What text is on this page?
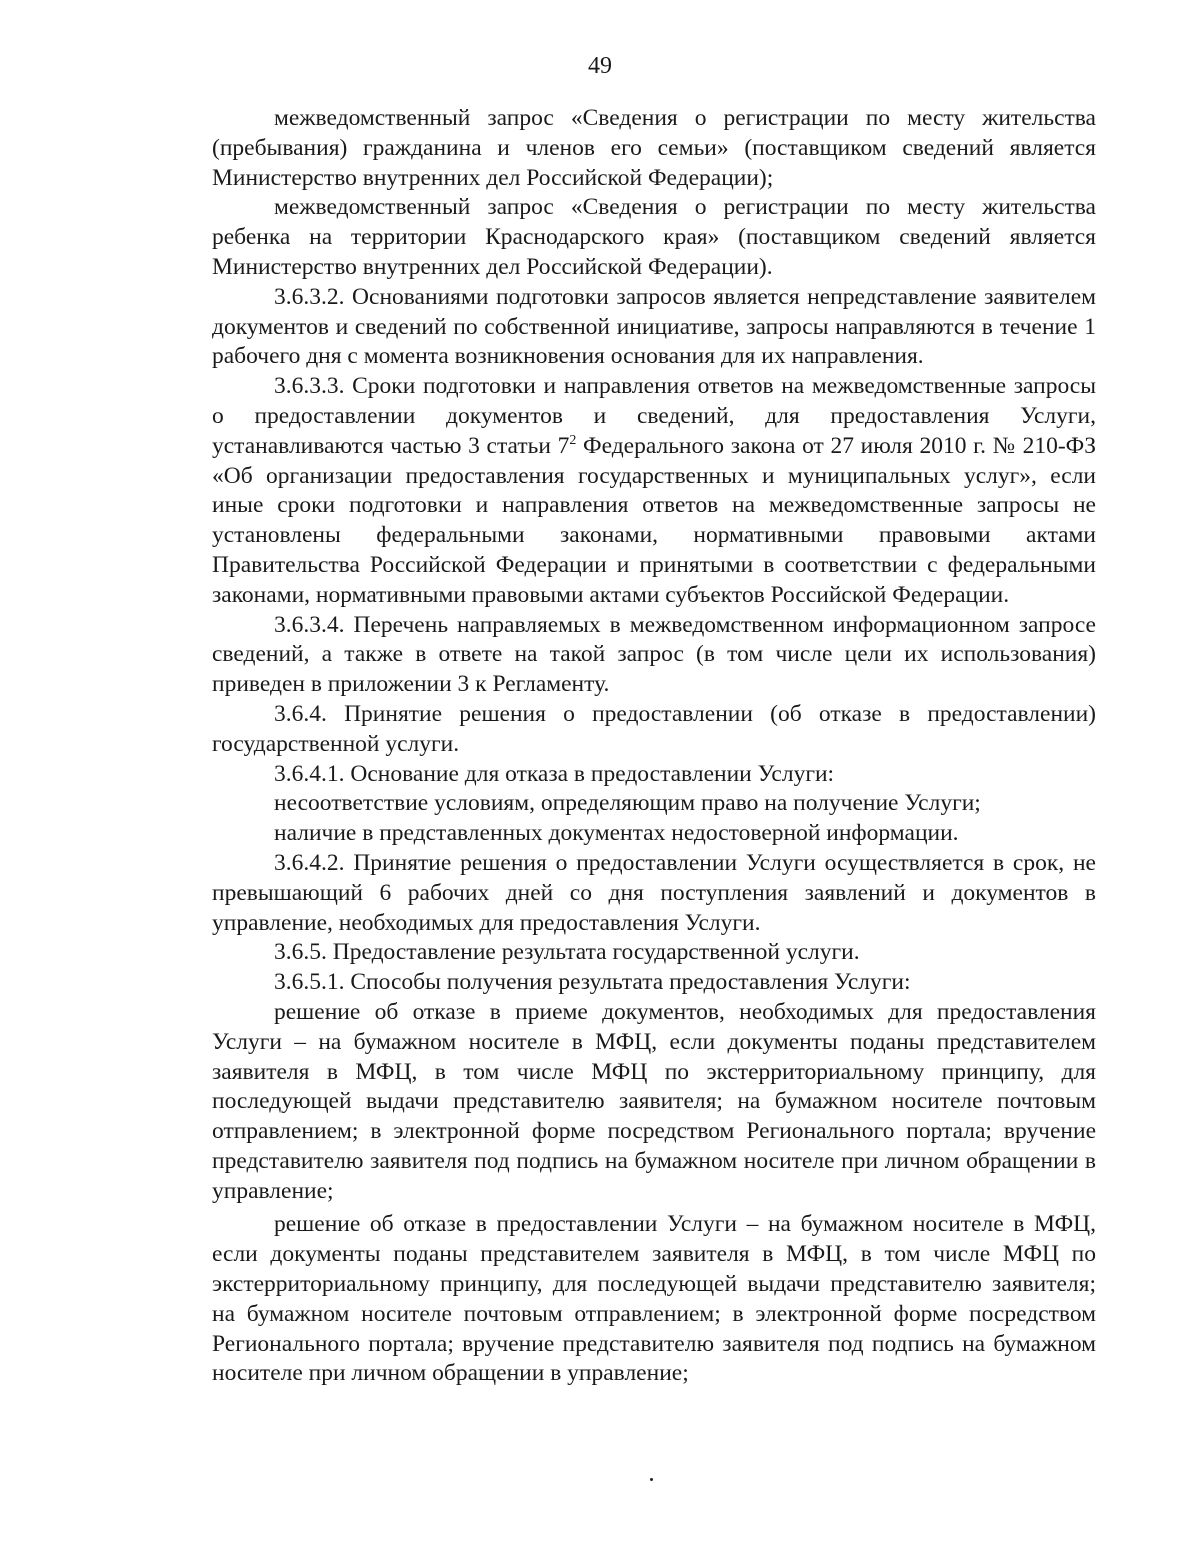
49

межведомственный запрос «Сведения о регистрации по месту жительства (пребывания) гражданина и членов его семьи» (поставщиком сведений является Министерство внутренних дел Российской Федерации);

межведомственный запрос «Сведения о регистрации по месту жительства ребенка на территории Краснодарского края» (поставщиком сведений является Министерство внутренних дел Российской Федерации).

3.6.3.2. Основаниями подготовки запросов является непредставление заявителем документов и сведений по собственной инициативе, запросы направляются в течение 1 рабочего дня с момента возникновения основания для их направления.

3.6.3.3. Сроки подготовки и направления ответов на межведомственные запросы о предоставлении документов и сведений, для предоставления Услуги, устанавливаются частью 3 статьи $7^2$ Федерального закона от 27 июля 2010 г. № 210-ФЗ «Об организации предоставления государственных и муниципальных услуг», если иные сроки подготовки и направления ответов на межведомственные запросы не установлены федеральными законами, нормативными правовыми актами Правительства Российской Федерации и принятыми в соответствии с федеральными законами, нормативными правовыми актами субъектов Российской Федерации.

3.6.3.4. Перечень направляемых в межведомственном информационном запросе сведений, а также в ответе на такой запрос (в том числе цели их использования) приведен в приложении 3 к Регламенту.

3.6.4. Принятие решения о предоставлении (об отказе в предоставлении) государственной услуги.

3.6.4.1. Основание для отказа в предоставлении Услуги:

несоответствие условиям, определяющим право на получение Услуги;

наличие в представленных документах недостоверной информации.

3.6.4.2. Принятие решения о предоставлении Услуги осуществляется в срок, не превышающий 6 рабочих дней со дня поступления заявлений и документов в управление, необходимых для предоставления Услуги.

3.6.5. Предоставление результата государственной услуги.

3.6.5.1. Способы получения результата предоставления Услуги:

решение об отказе в приеме документов, необходимых для предоставления Услуги – на бумажном носителе в МФЦ, если документы поданы представителем заявителя в МФЦ, в том числе МФЦ по экстерриториальному принципу, для последующей выдачи представителю заявителя; на бумажном носителе почтовым отправлением; в электронной форме посредством Регионального портала; вручение представителю заявителя под подпись на бумажном носителе при личном обращении в управление;

решение об отказе в предоставлении Услуги – на бумажном носителе в МФЦ, если документы поданы представителем заявителя в МФЦ, в том числе МФЦ по экстерриториальному принципу, для последующей выдачи представителю заявителя; на бумажном носителе почтовым отправлением; в электронной форме посредством Регионального портала; вручение представителю заявителя под подпись на бумажном носителе при личном обращении в управление;
